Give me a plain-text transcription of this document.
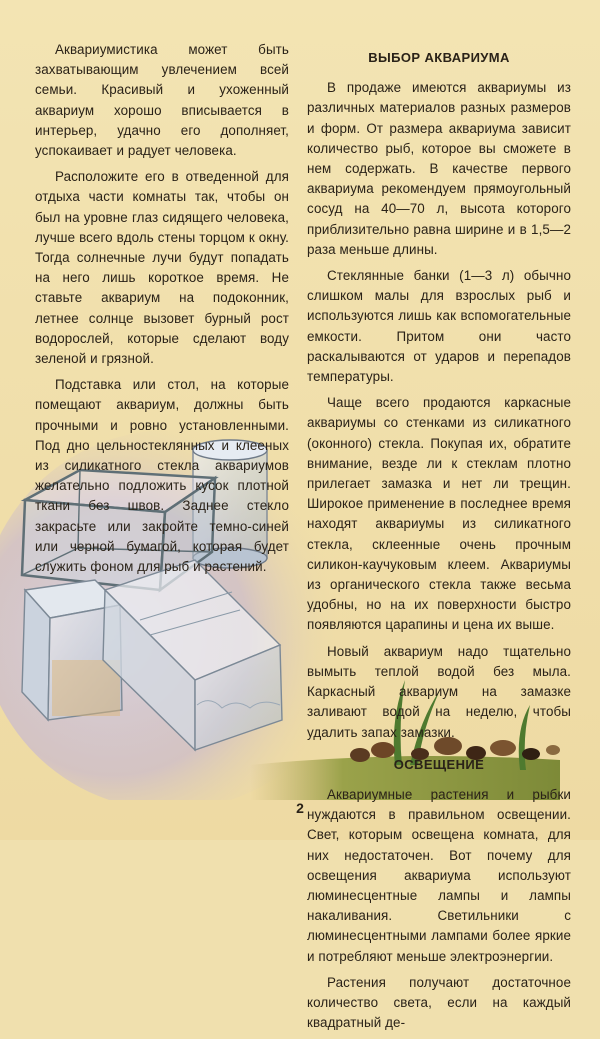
Аквариумистика может быть захватывающим увлечением всей семьи. Красивый и ухоженный аквариум хорошо вписывается в интерьер, удачно его дополняет, успокаивает и радует человека.

Расположите его в отведенной для отдыха части комнаты так, чтобы он был на уровне глаз сидящего человека, лучше всего вдоль стены торцом к окну. Тогда солнечные лучи будут попадать на него лишь короткое время. Не ставьте аквариум на подоконник, летнее солнце вызовет бурный рост водорослей, которые сделают воду зеленой и грязной.

Подставка или стол, на которые помещают аквариум, должны быть прочными и ровно установленными. Под дно цельностеклянных и клееных из силикатного стекла аквариумов желательно подложить кусок плотной ткани без швов. Заднее стекло закрасьте или закройте темно-синей или черной бумагой, которая будет служить фоном для рыб и растений.

ВЫБОР АКВАРИУМА

В продаже имеются аквариумы из различных материалов разных размеров и форм. От размера аквариума зависит количество рыб, которое вы сможете в нем содержать. В качестве первого аквариума рекомендуем прямоугольный сосуд на 40—70 л, высота которого приблизительно равна ширине и в 1,5—2 раза меньше длины.

Стеклянные банки (1—3 л) обычно слишком малы для взрослых рыб и используются лишь как вспомогательные емкости. Притом они часто раскалываются от ударов и перепадов температуры.

Чаще всего продаются каркасные аквариумы со стенками из силикатного (оконного) стекла. Покупая их, обратите внимание, везде ли к стеклам плотно прилегает замазка и нет ли трещин. Широкое применение в последнее время находят аквариумы из силикатного стекла, склеенные очень прочным силикон-каучуковым клеем. Аквариумы из органического стекла также весьма удобны, но на их поверхности быстро появляются царапины и цена их выше.

Новый аквариум надо тщательно вымыть теплой водой без мыла. Каркасный аквариум на замазке заливают водой на неделю, чтобы удалить запах замазки.

ОСВЕЩЕНИЕ

Аквариумные растения и рыбки нуждаются в правильном освещении. Свет, которым освещена комната, для них недостаточен. Вот почему для освещения аквариума используют люминесцентные лампы и лампы накаливания. Светильники с люминесцентными лампами более яркие и потребляют меньше электроэнергии.

Растения получают достаточное количество света, если на каждый квадратный де-

2
